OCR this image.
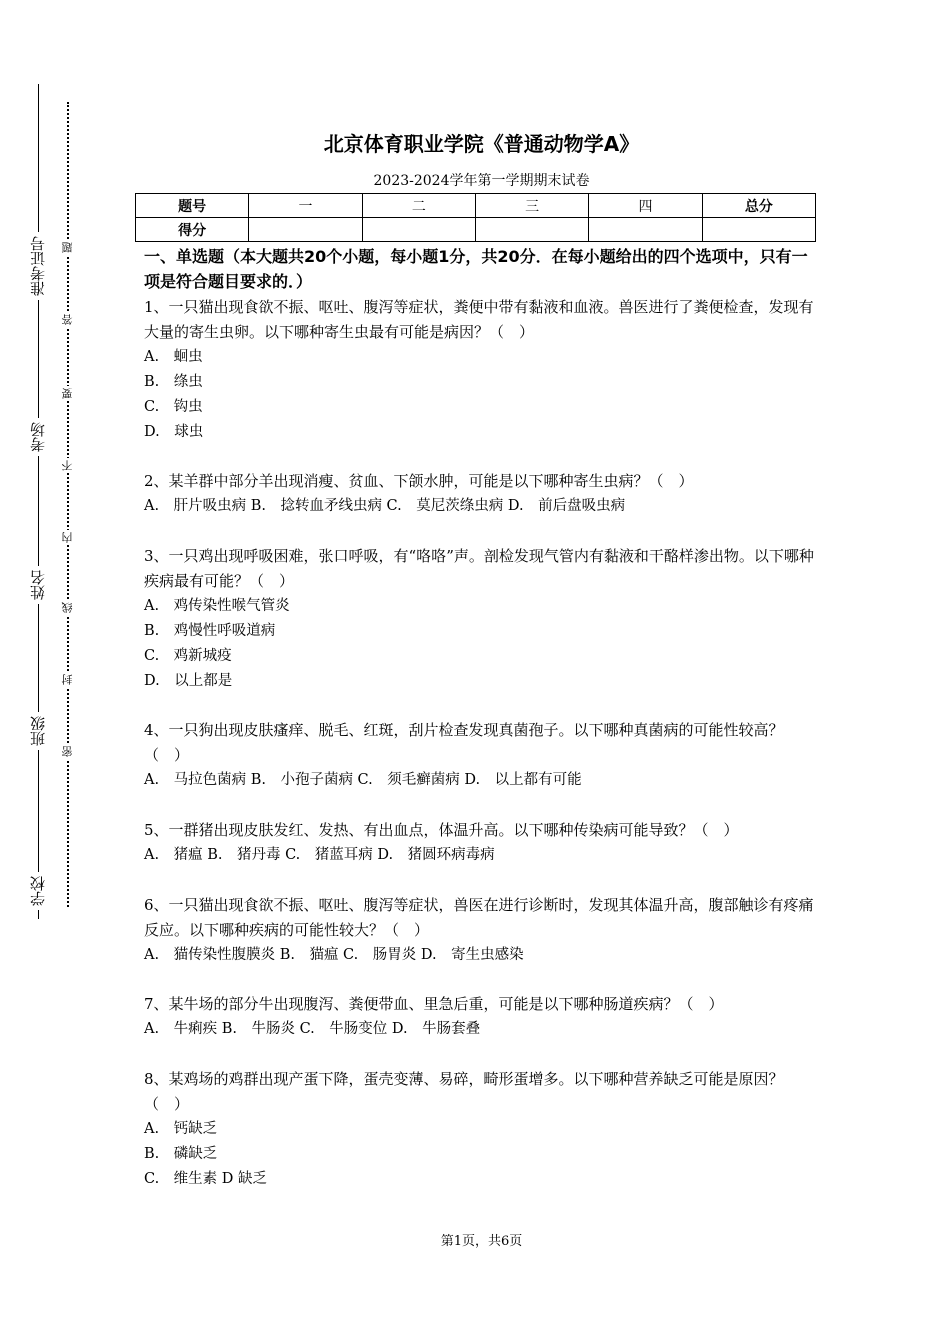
准考证号
考场
姓名
班级
学校
题
答
要
不
内
线
封
密
北京体育职业学院《普通动物学A》
2023-2024学年第一学期期末试卷
题号	一	二	三	四	总分
得分					
一、单选题（本大题共20个小题，每小题1分，共20分．在每小题给出的四个选项中，只有一项是符合题目要求的．）

1、一只猫出现食欲不振、呕吐、腹泻等症状，粪便中带有黏液和血液。兽医进行了粪便检查，发现有大量的寄生虫卵。以下哪种寄生虫最有可能是病因？（　）

A.　蛔虫

B.　绦虫

C.　钩虫

D.　球虫

2、某羊群中部分羊出现消瘦、贫血、下颌水肿，可能是以下哪种寄生虫病？（　）

A.　肝片吸虫病 B.　捻转血矛线虫病 C.　莫尼茨绦虫病 D.　前后盘吸虫病

3、一只鸡出现呼吸困难，张口呼吸，有“咯咯”声。剖检发现气管内有黏液和干酪样渗出物。以下哪种疾病最有可能？（　）

A.　鸡传染性喉气管炎

B.　鸡慢性呼吸道病

C.　鸡新城疫

D.　以上都是

4、一只狗出现皮肤瘙痒、脱毛、红斑，刮片检查发现真菌孢子。以下哪种真菌病的可能性较高？（　）

A.　马拉色菌病 B.　小孢子菌病 C.　须毛癣菌病 D.　以上都有可能

5、一群猪出现皮肤发红、发热、有出血点，体温升高。以下哪种传染病可能导致？（　）

A.　猪瘟 B.　猪丹毒 C.　猪蓝耳病 D.　猪圆环病毒病

6、一只猫出现食欲不振、呕吐、腹泻等症状，兽医在进行诊断时，发现其体温升高，腹部触诊有疼痛反应。以下哪种疾病的可能性较大？（　）

A.　猫传染性腹膜炎 B.　猫瘟 C.　肠胃炎 D.　寄生虫感染

7、某牛场的部分牛出现腹泻、粪便带血、里急后重，可能是以下哪种肠道疾病？（　）

A.　牛痢疾 B.　牛肠炎 C.　牛肠变位 D.　牛肠套叠

8、某鸡场的鸡群出现产蛋下降，蛋壳变薄、易碎，畸形蛋增多。以下哪种营养缺乏可能是原因？（　）

A.　钙缺乏

B.　磷缺乏

C.　维生素 D 缺乏

第1页，共6页
